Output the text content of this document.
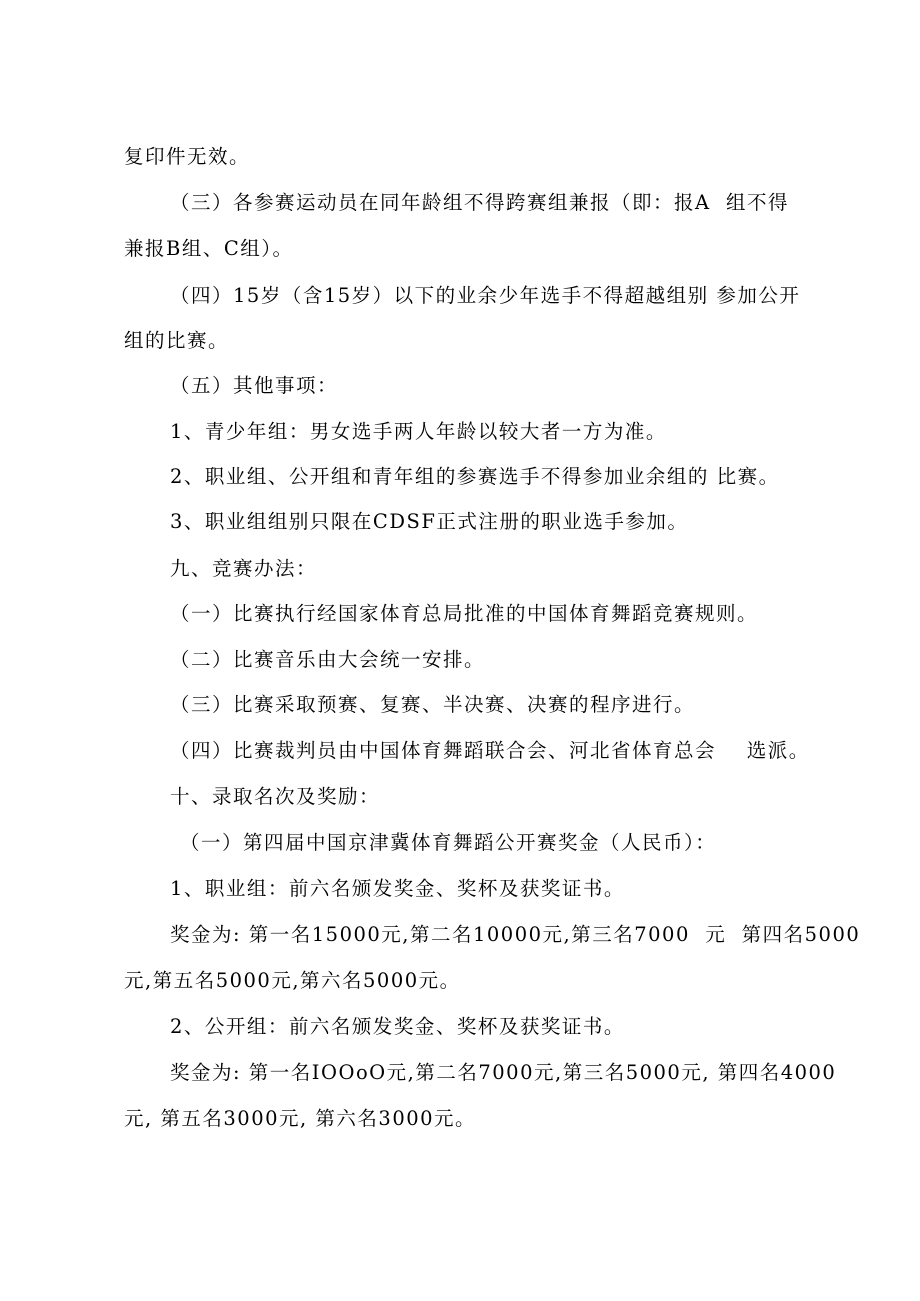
复印件无效。
（三）各参赛运动员在同年龄组不得跨赛组兼报（即：报A  组不得
兼报B组、C组）。
（四）15岁（含15岁）以下的业余少年选手不得超越组别 参加公开
组的比赛。
（五）其他事项：
1、青少年组：男女选手两人年龄以较大者一方为准。
2、职业组、公开组和青年组的参赛选手不得参加业余组的 比赛。
3、职业组组别只限在CDSF正式注册的职业选手参加。
九、竞赛办法：
（一）比赛执行经国家体育总局批准的中国体育舞蹈竞赛规则。
（二）比赛音乐由大会统一安排。
（三）比赛采取预赛、复赛、半决赛、决赛的程序进行。
（四）比赛裁判员由中国体育舞蹈联合会、河北省体育总会    选派。
十、录取名次及奖励：
（一）第四届中国京津冀体育舞蹈公开赛奖金（人民币）：
1、职业组：前六名颁发奖金、奖杯及获奖证书。
奖金为: 第一名15000元,第二名10000元,第三名7000  元  第四名5000
元,第五名5000元,第六名5000元。
2、公开组：前六名颁发奖金、奖杯及获奖证书。
奖金为: 第一名IOOoO元,第二名7000元,第三名5000元, 第四名4000
元, 第五名3000元, 第六名3000元。
